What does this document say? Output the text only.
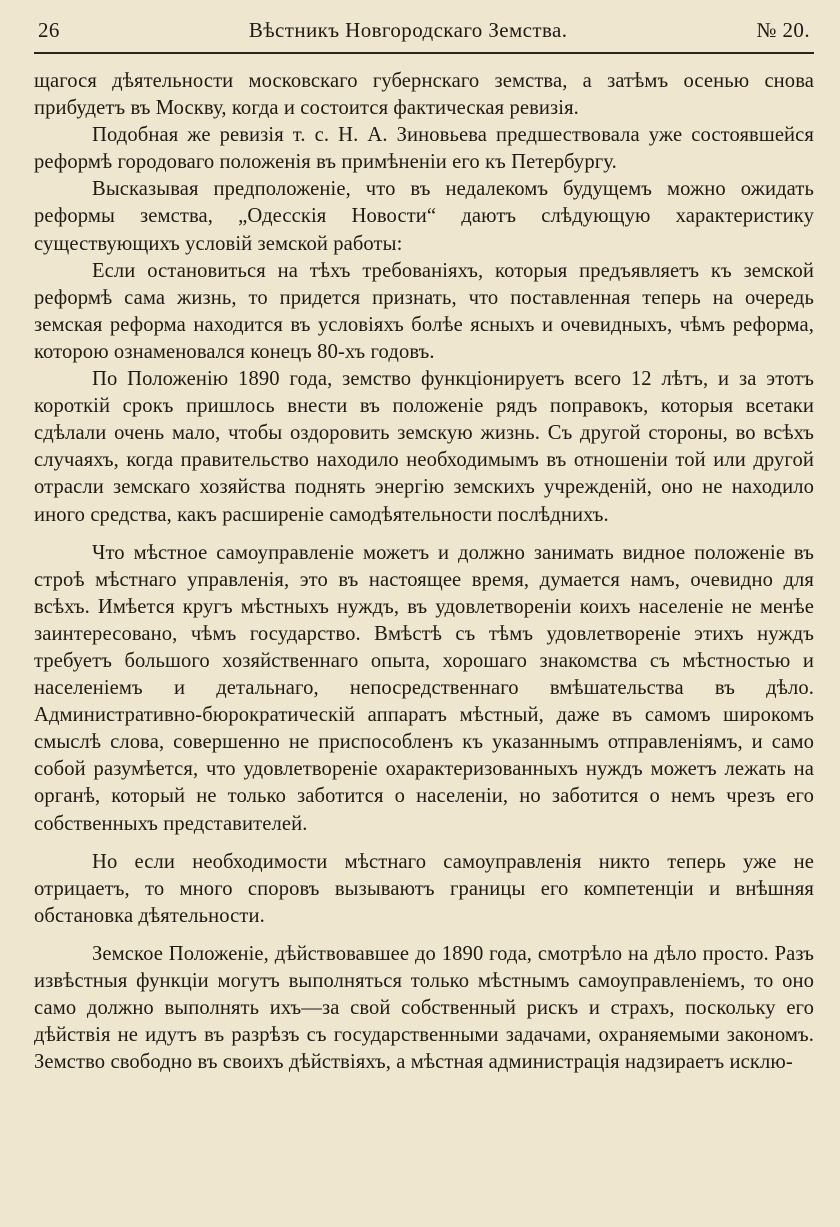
26	Вѣстникъ Новгородскаго Земства.	№ 20.

щагося дѣятельности московскаго губернскаго земства, а затѣмъ осенью снова прибудетъ въ Москву, когда и состоится фактическая ревизія.

Подобная же ревизія т. с. Н. А. Зиновьева предшествовала уже состоявшейся реформѣ городоваго положенія въ примѣненіи его къ Петербургу.

Высказывая предположеніе, что въ недалекомъ будущемъ можно ожидать реформы земства, „Одесскія Новости“ даютъ слѣдующую характеристику существующихъ условій земской работы:

Если остановиться на тѣхъ требованіяхъ, которыя предъявляетъ къ земской реформѣ сама жизнь, то придется признать, что поставленная теперь на очередь земская реформа находится въ условіяхъ болѣе ясныхъ и очевидныхъ, чѣмъ реформа, которою ознаменовался конецъ 80-хъ годовъ.

По Положенію 1890 года, земство функціонируетъ всего 12 лѣтъ, и за этотъ короткій срокъ пришлось внести въ положеніе рядъ поправокъ, которыя всетаки сдѣлали очень мало, чтобы оздоровить земскую жизнь. Съ другой стороны, во всѣхъ случаяхъ, когда правительство находило необходимымъ въ отношеніи той или другой отрасли земскаго хозяйства поднять энергію земскихъ учрежденій, оно не находило иного средства, какъ расширеніе самодѣятельности послѣднихъ.

Что мѣстное самоуправленіе можетъ и должно занимать видное положеніе въ строѣ мѣстнаго управленія, это въ настоящее время, думается намъ, очевидно для всѣхъ. Имѣется кругъ мѣстныхъ нуждъ, въ удовлетвореніи коихъ населеніе не менѣе заинтересовано, чѣмъ государство. Вмѣстѣ съ тѣмъ удовлетвореніе этихъ нуждъ требуетъ большого хозяйственнаго опыта, хорошаго знакомства съ мѣстностью и населеніемъ и детальнаго, непосредственнаго вмѣшательства въ дѣло. Административно-бюрократическій аппаратъ мѣстный, даже въ самомъ широкомъ смыслѣ слова, совершенно не приспособленъ къ указаннымъ отправленіямъ, и само собой разумѣется, что удовлетвореніе охарактеризованныхъ нуждъ можетъ лежать на органѣ, который не только заботится о населеніи, но заботится о немъ чрезъ его собственныхъ представителей.

Но если необходимости мѣстнаго самоуправленія никто теперь уже не отрицаетъ, то много споровъ вызываютъ границы его компетенціи и внѣшняя обстановка дѣятельности.

Земское Положеніе, дѣйствовавшее до 1890 года, смотрѣло на дѣло просто. Разъ извѣстныя функціи могутъ выполняться только мѣстнымъ самоуправленіемъ, то оно само должно выполнять ихъ—за свой собственный рискъ и страхъ, поскольку его дѣйствія не идутъ въ разрѣзъ съ государственными задачами, охраняемыми закономъ. Земство свободно въ своихъ дѣйствіяхъ, а мѣстная администрація надзираетъ исклю-
